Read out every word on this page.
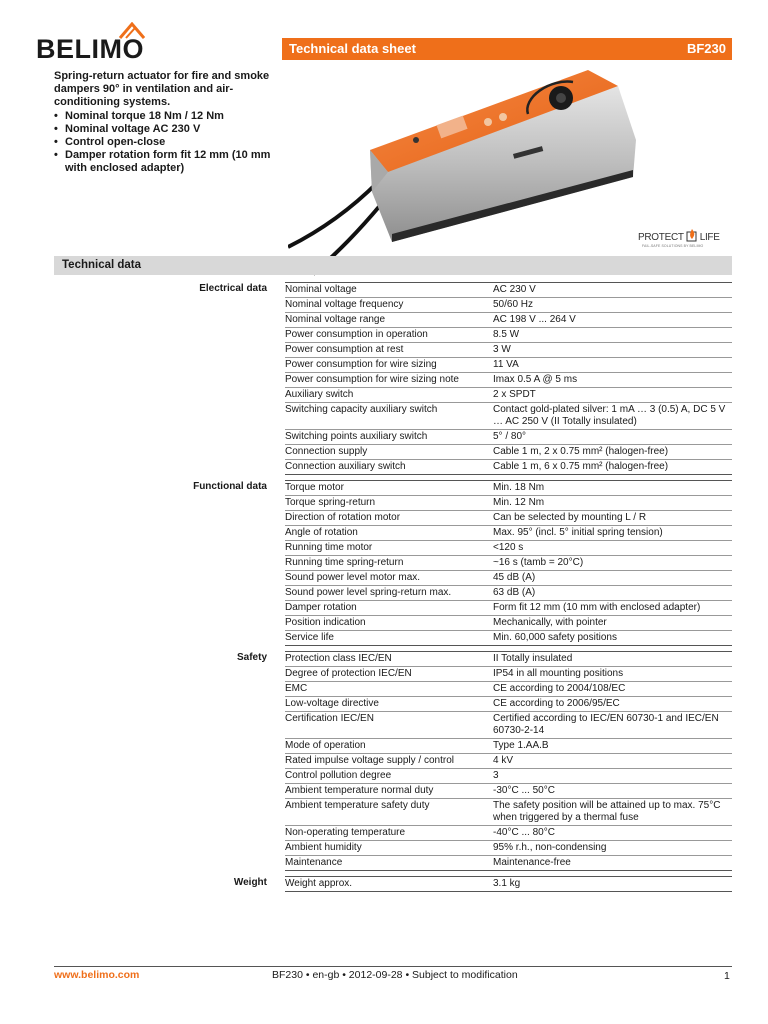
BELIMO	Technical data sheet	BF230

Spring-return actuator for fire and smoke dampers 90° in ventilation and air-conditioning systems.

• Nominal torque 18 Nm / 12 Nm
• Nominal voltage AC 230 V
• Control open-close
• Damper rotation form fit 12 mm (10 mm with enclosed adapter)
PROTECT LIFE
FAIL-SAFE SOLUTIONS BY BELIMO
Technical data
Electrical data Nominal voltage	AC 230 V
Nominal voltage frequency	50/60 Hz
Nominal voltage range	AC 198 V ... 264 V
Power consumption in operation	8.5 W
Power consumption at rest	3 W
Power consumption for wire sizing	11 VA
Power consumption for wire sizing note	Imax 0.5 A @ 5 ms
Auxiliary switch	2 x SPDT
Switching capacity auxiliary switch	Contact gold-plated silver: 1 mA … 3 (0.5) A, DC 5 V … AC 250 V (II Totally insulated)
Switching points auxiliary switch	5° / 80°
Connection supply	Cable 1 m, 2 x 0.75 mm² (halogen-free)
Connection auxiliary switch	Cable 1 m, 6 x 0.75 mm² (halogen-free)
Functional data Torque motor	Min. 18 Nm
Torque spring-return	Min. 12 Nm
Direction of rotation motor	Can be selected by mounting L / R
Angle of rotation	Max. 95° (incl. 5° initial spring tension)
Running time motor	<120 s
Running time spring-return	~16 s (tamb = 20°C)
Sound power level motor max.	45 dB (A)
Sound power level spring-return max.	63 dB (A)
Damper rotation	Form fit 12 mm (10 mm with enclosed adapter)
Position indication	Mechanically, with pointer
Service life	Min. 60,000 safety positions
Safety Protection class IEC/EN	II Totally insulated
Degree of protection IEC/EN	IP54 in all mounting positions
EMC	CE according to 2004/108/EC
Low-voltage directive	CE according to 2006/95/EC
Certification IEC/EN	Certified according to IEC/EN 60730-1 and IEC/EN 60730-2-14
Mode of operation	Type 1.AA.B
Rated impulse voltage supply / control	4 kV
Control pollution degree	3
Ambient temperature normal duty	-30°C ... 50°C
Ambient temperature safety duty	The safety position will be attained up to max. 75°C when triggered by a thermal fuse
Non-operating temperature	-40°C ... 80°C
Ambient humidity	95% r.h., non-condensing
Maintenance	Maintenance-free
Weight Weight approx.	3.1 kg
www.belimo.com	BF230 • en-gb • 2012-09-28 • Subject to modification	1
